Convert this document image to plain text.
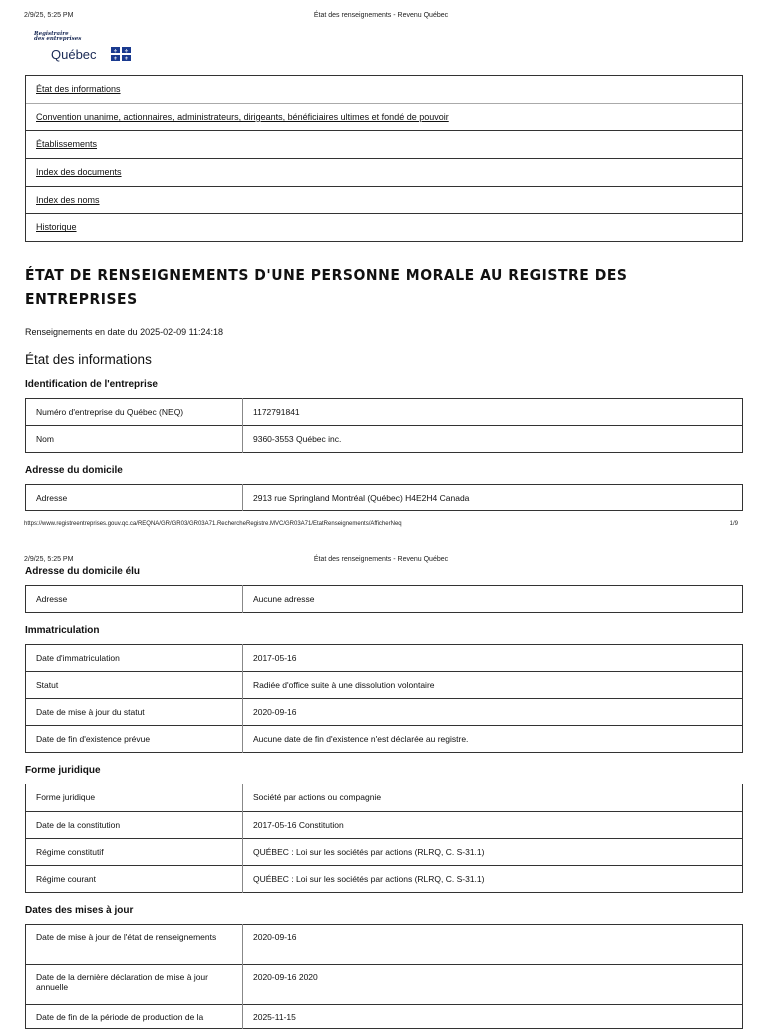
2/9/25, 5:25 PM	État des renseignements - Revenu Québec
Registraire
des entreprises
Québec	⚜ ⚜
⚜ ⚜
État des informations
Convention unanime, actionnaires, administrateurs, dirigeants, bénéficiaires ultimes et fondé de pouvoir
Établissements
Index des documents
Index des noms
Historique
ÉTAT DE RENSEIGNEMENTS D'UNE PERSONNE MORALE AU REGISTRE DES
ENTREPRISES
Renseignements en date du 2025-02-09 11:24:18
État des informations
Identification de l'entreprise
Numéro d'entreprise du Québec (NEQ)	1172791841
Nom	9360-3553 Québec inc.
Adresse du domicile
Adresse	2913 rue Springland Montréal (Québec) H4E2H4 Canada
https://www.registreentreprises.gouv.qc.ca/REQNA/GR/GR03/GR03A71.RechercheRegistre.MVC/GR03A71/EtatRenseignements/AfficherNeq	1/9
2/9/25, 5:25 PM	État des renseignements - Revenu Québec
Adresse du domicile élu
Adresse	Aucune adresse
Immatriculation
Date d'immatriculation	2017-05-16
Statut	Radiée d'office suite à une dissolution volontaire
Date de mise à jour du statut	2020-09-16
Date de fin d'existence prévue	Aucune date de fin d'existence n'est déclarée au registre.
Forme juridique
Forme juridique	Société par actions ou compagnie
Date de la constitution	2017-05-16 Constitution
Régime constitutif	QUÉBEC : Loi sur les sociétés par actions (RLRQ, C. S-31.1)
Régime courant	QUÉBEC : Loi sur les sociétés par actions (RLRQ, C. S-31.1)
Dates des mises à jour
Date de mise à jour de l'état de renseignements	2020-09-16
Date de la dernière déclaration de mise à jour annuelle	2020-09-16 2020
Date de fin de la période de production de la	2025-11-15
